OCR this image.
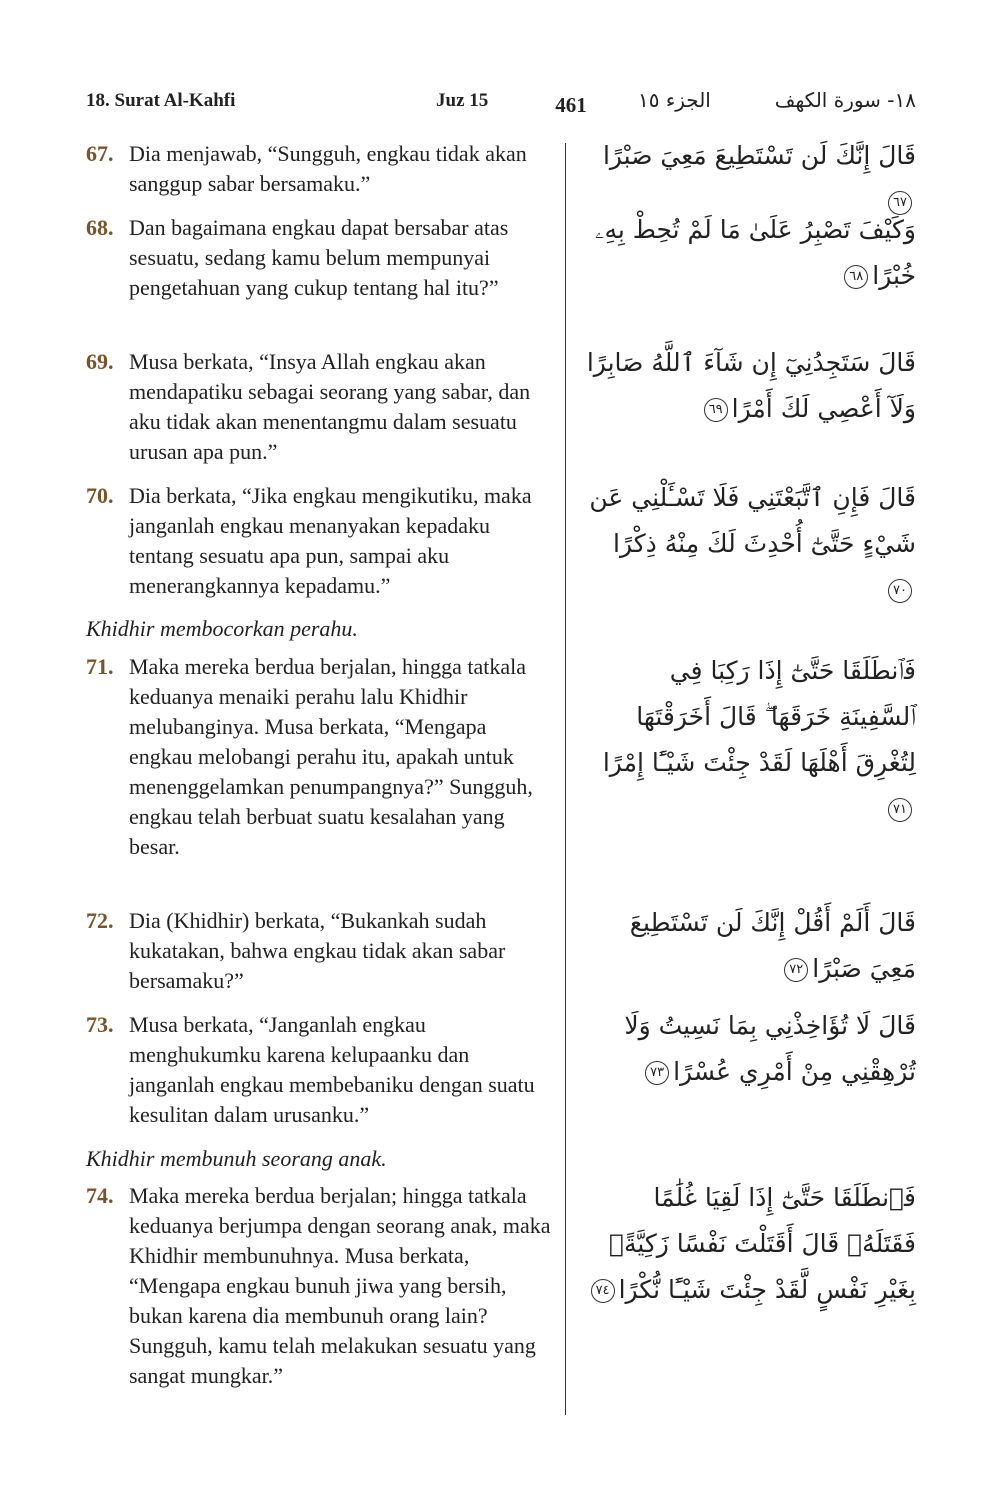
18. Surat Al-Kahfi	Juz 15	461	الجزء ١٥	١٨- سورة الكهف
67. Dia menjawab, “Sungguh, engkau tidak akan sanggup sabar bersamaku.”
قَالَ إِنَّكَ لَن تَسْتَطِيعَ مَعِيَ صَبْرًا٦٧
68. Dan bagaimana engkau dapat bersabar atas sesuatu, sedang kamu belum mempunyai pengetahuan yang cukup tentang hal itu?”
وَكَيْفَ تَصْبِرُ عَلَىٰ مَا لَمْ تُحِطْ بِهِۦ خُبْرًا٦٨
69. Musa berkata, “Insya Allah engkau akan mendapatiku sebagai seorang yang sabar, dan aku tidak akan menentangmu dalam sesuatu urusan apa pun.”
قَالَ سَتَجِدُنِيٓ إِن شَآءَ ٱللَّهُ صَابِرًا وَلَآ أَعْصِي لَكَ أَمْرًا٦٩
70. Dia berkata, “Jika engkau mengikutiku, maka janganlah engkau menanyakan kepadaku tentang sesuatu apa pun, sampai aku menerangkannya kepadamu.”
قَالَ فَإِنِ ٱتَّبَعْتَنِي فَلَا تَسْـَٔلْنِي عَن شَيْءٍ حَتَّىٰٓ أُحْدِثَ لَكَ مِنْهُ ذِكْرًا٧٠
Khidhir membocorkan perahu.
71. Maka mereka berdua berjalan, hingga tatkala keduanya menaiki perahu lalu Khidhir melubanginya. Musa berkata, “Mengapa engkau melobangi perahu itu, apakah untuk menenggelamkan penumpangnya?” Sungguh, engkau telah berbuat suatu kesalahan yang besar.
فَٱنطَلَقَا حَتَّىٰٓ إِذَا رَكِبَا فِي ٱلسَّفِينَةِ خَرَقَهَا ۖ قَالَ أَخَرَقْتَهَا لِتُغْرِقَ أَهْلَهَا لَقَدْ جِئْتَ شَيْـًٔا إِمْرًا٧١
72. Dia (Khidhir) berkata, “Bukankah sudah kukatakan, bahwa engkau tidak akan sabar bersamaku?”
قَالَ أَلَمْ أَقُلْ إِنَّكَ لَن تَسْتَطِيعَ مَعِيَ صَبْرًا٧٢
73. Musa berkata, “Janganlah engkau menghukumku karena kelupaanku dan janganlah engkau membebaniku dengan suatu kesulitan dalam urusanku.”
قَالَ لَا تُؤَاخِذْنِي بِمَا نَسِيتُ وَلَا تُرْهِقْنِي مِنْ أَمْرِي عُسْرًا٧٣
Khidhir membunuh seorang anak.
74. Maka mereka berdua berjalan; hingga tatkala keduanya berjumpa dengan seorang anak, maka Khidhir membunuhnya. Musa berkata, “Mengapa engkau bunuh jiwa yang bersih, bukan karena dia membunuh orang lain? Sungguh, kamu telah melakukan sesuatu yang sangat mungkar.”
فَٱنطَلَقَا حَتَّىٰٓ إِذَا لَقِيَا غُلَٰمًا فَقَتَلَهُۥ قَالَ أَقَتَلْتَ نَفْسًا زَكِيَّةًۢ بِغَيْرِ نَفْسٍ لَّقَدْ جِئْتَ شَيْـًٔا نُّكْرًا٧٤
